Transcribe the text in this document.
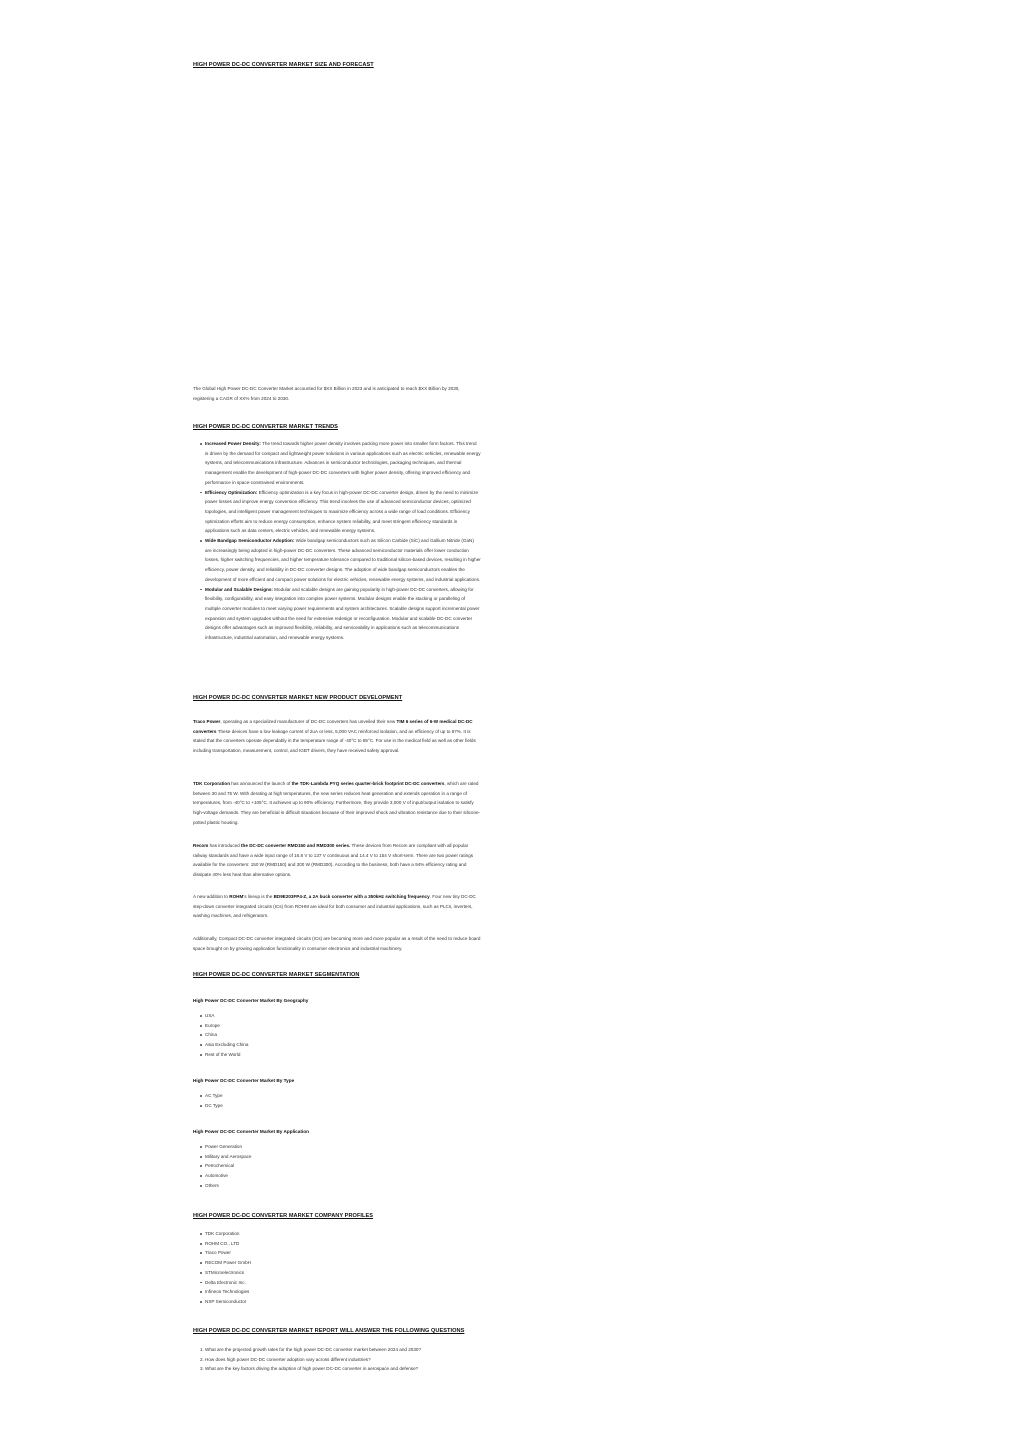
HIGH POWER DC-DC CONVERTER MARKET SIZE AND FORECAST

The Global High Power DC-DC Converter Market accounted for $XX Billion in 2023 and is anticipated to reach $XX Billion by 2030, registering a CAGR of XX% from 2024 to 2030.

HIGH POWER DC-DC CONVERTER MARKET TRENDS
Increased Power Density: The trend towards higher power density involves packing more power into smaller form factors. This trend is driven by the demand for compact and lightweight power solutions in various applications such as electric vehicles, renewable energy systems, and telecommunications infrastructure. Advances in semiconductor technologies, packaging techniques, and thermal management enable the development of high-power DC-DC converters with higher power density, offering improved efficiency and performance in space-constrained environments.
Efficiency Optimization: Efficiency optimization is a key focus in high-power DC-DC converter design, driven by the need to minimize power losses and improve energy conversion efficiency. This trend involves the use of advanced semiconductor devices, optimized topologies, and intelligent power management techniques to maximize efficiency across a wide range of load conditions. Efficiency optimization efforts aim to reduce energy consumption, enhance system reliability, and meet stringent efficiency standards in applications such as data centers, electric vehicles, and renewable energy systems.
Wide Bandgap Semiconductor Adoption: Wide bandgap semiconductors such as Silicon Carbide (SiC) and Gallium Nitride (GaN) are increasingly being adopted in high-power DC-DC converters. These advanced semiconductor materials offer lower conduction losses, higher switching frequencies, and higher temperature tolerance compared to traditional silicon-based devices, resulting in higher efficiency, power density, and reliability in DC-DC converter designs. The adoption of wide bandgap semiconductors enables the development of more efficient and compact power solutions for electric vehicles, renewable energy systems, and industrial applications.
Modular and Scalable Designs: Modular and scalable designs are gaining popularity in high-power DC-DC converters, allowing for flexibility, configurability, and easy integration into complex power systems. Modular designs enable the stacking or paralleling of multiple converter modules to meet varying power requirements and system architectures. Scalable designs support incremental power expansion and system upgrades without the need for extensive redesign or reconfiguration. Modular and scalable DC-DC converter designs offer advantages such as improved flexibility, reliability, and serviceability in applications such as telecommunications infrastructure, industrial automation, and renewable energy systems.
HIGH POWER DC-DC CONVERTER MARKET NEW PRODUCT DEVELOPMENT

Traco Power, operating as a specialized manufacturer of DC-DC converters has unveiled their new TIM 6 series of 6-W medical DC-DC converters These devices have a low leakage current of 2uA or less, 5,000 VAC reinforced isolation, and an efficiency of up to 87%. It is stated that the converters operate dependably in the temperature range of -40°C to 85°C. For use in the medical field as well as other fields including transportation, measurement, control, and IGBT drivers, they have received safety approval.

TDK Corporation has announced the launch of the TDK-Lambda PYQ series quarter-brick footprint DC-DC converters, which are rated between 30 and 75 W. With derating at high temperatures, the new series reduces heat generation and extends operation in a range of temperatures, from -40°C to +105°C. It achieves up to 90% efficiency. Furthermore, they provide 3,000 V of input/output isolation to satisfy high-voltage demands. They are beneficial in difficult situations because of their improved shock and vibration resistance due to their silicone-potted plastic housing.

Recom has introduced the DC-DC converter RMD150 and RMD300 series. These devices from Recom are compliant with all popular railway standards and have a wide input range of 16.8 V to 137 V continuous and 14.4 V to 154 V short-term. There are two power ratings available for the converters: 150 W (RMD150) and 300 W (RMD300). According to the business, both have a 94% efficiency rating and dissipate 40% less heat than alternative options.

A new addition to ROHM's lineup is the BD9E203FP4-Z, a 2A buck converter with a 350kHz switching frequency. Four new tiny DC-DC step-down converter integrated circuits (ICs) from ROHM are ideal for both consumer and industrial applications, such as PLCs, inverters, washing machines, and refrigerators.

Additionally, Compact DC-DC converter integrated circuits (ICs) are becoming more and more popular as a result of the need to reduce board space brought on by growing application functionality in consumer electronics and industrial machinery.

HIGH POWER DC-DC CONVERTER MARKET SEGMENTATION
High Power DC-DC Converter Market By Geography
USA
Europe
China
Asia Excluding China
Rest of the World
High Power DC-DC Converter Market By Type
AC Type
DC Type
High Power DC-DC Converter Market By Application
Power Generation
Military and Aerospace
Petrochemical
Automotive
Others
HIGH POWER DC-DC CONVERTER MARKET COMPANY PROFILES
TDK Corporation
ROHM CO., LTD
Traco Power
RECOM Power GmbH
STMicroelectronics
Delta Electronic Inc.
Infineon Technologies
NXP Semiconductor
HIGH POWER DC-DC CONVERTER MARKET REPORT WILL ANSWER THE FOLLOWING QUESTIONS
1. What are the projected growth rates for the high power DC-DC converter market between 2024 and 2030?
2. How does high power DC-DC converter adoption vary across different industries?
3. What are the key factors driving the adoption of high power DC-DC converter in aerospace and defense?
